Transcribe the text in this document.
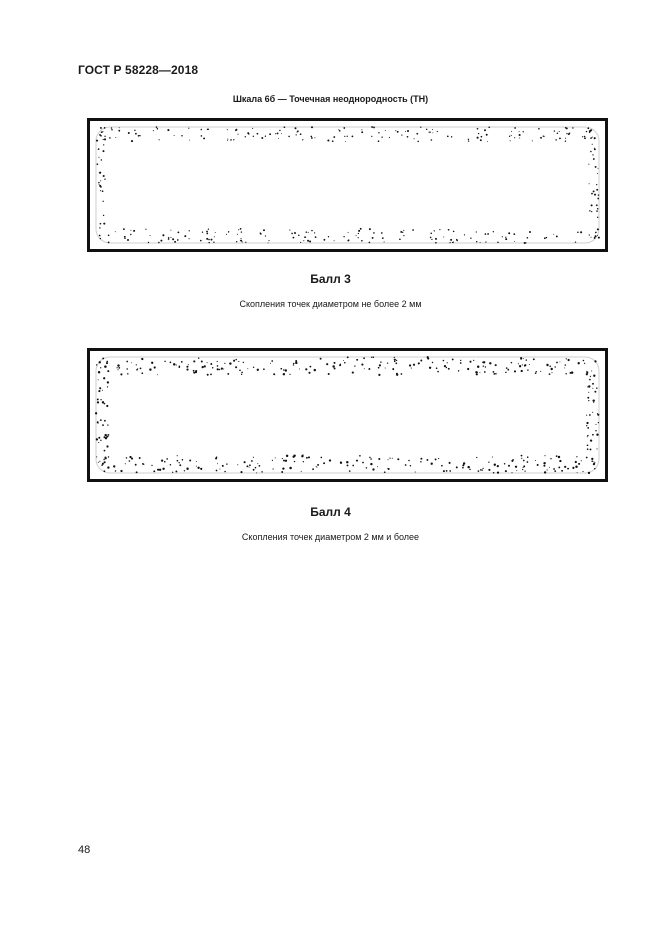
ГОСТ Р 58228—2018
Шкала 6б — Точечная неоднородность (ТН)
Балл 3
Скопления точек диаметром не более 2 мм
Балл 4
Скопления точек диаметром 2 мм и более
48
